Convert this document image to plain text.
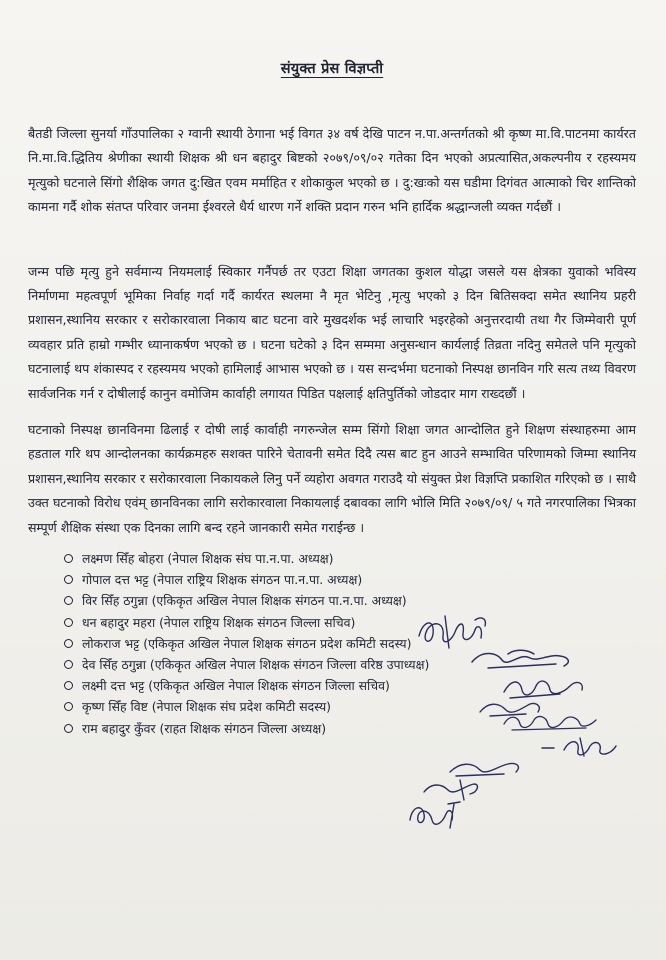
संयुक्त प्रेस विज्ञप्ती

बैतडी जिल्ला सुनर्या गाँउपालिका २ ग्वानी स्थायी ठेगाना भई विगत ३४ वर्ष देखि पाटन न.पा.अन्तर्गतको श्री कृष्ण मा.वि.पाटनमा कार्यरत नि.मा.वि.द्धितिय श्रेणीका स्थायी शिक्षक श्री धन बहादुर बिष्टको २०७९/०९/०२ गतेका दिन भएको अप्रत्यासित,अकल्पनीय र रहस्यमय मृत्युको घटनाले सिंगो शैक्षिक जगत दु:खित एवम मर्माहित र शोकाकुल भएको छ । दु:खःको यस घडीमा दिगंवत आत्माको चिर शान्तिको कामना गर्दै शोक संतप्त परिवार जनमा ईश्वरले धैर्य धारण गर्ने शक्ति प्रदान गरुन भनि हार्दिक श्रद्धान्जली व्यक्त गर्दछौं ।

जन्म पछि मृत्यु हुने सर्वमान्य नियमलाई स्विकार गर्नैपर्छ तर एउटा शिक्षा जगतका कुशल योद्धा जसले यस क्षेत्रका युवाको भविस्य निर्माणमा महत्वपूर्ण भूमिका निर्वाह गर्दा गर्दै कार्यरत स्थलमा नै मृत भेटिनु ,मृत्यु भएको ३ दिन बितिसक्दा समेत स्थानिय प्रहरी प्रशासन,स्थानिय सरकार र सरोकारवाला निकाय बाट घटना वारे मुखदर्शक भई लाचारि भइरहेको अनुत्तरदायी तथा गैर जिम्मेवारी पूर्ण व्यवहार प्रति हाम्रो गम्भीर ध्यानाकर्षण भएको छ । घटना घटेको ३ दिन सम्ममा अनुसन्धान कार्यलाई तिव्रता नदिनु समेतले पनि मृत्युको घटनालाई थप शंकास्पद र रहस्यमय भएको हामिलाई आभास भएको छ । यस सन्दर्भमा घटनाको निस्पक्ष छानविन गरि सत्य तथ्य विवरण सार्वजनिक गर्न र दोषीलाई कानुन वमोजिम कार्वाही लगायत पिडित पक्षलाई क्षतिपुर्तिको जोडदार माग राख्दछौं ।

घटनाको निस्पक्ष छानविनमा ढिलाई र दोषी लाई कार्वाही नगरुन्जेल सम्म सिंगो शिक्षा जगत आन्दोलित हुने शिक्षण संस्थाहरुमा आम हडताल गरि थप आन्दोलनका कार्यक्रमहरु सशक्त पारिने चेतावनी समेत दिदै त्यस बाट हुन आउने सम्भावित परिणामको जिम्मा स्थानिय प्रशासन,स्थानिय सरकार र सरोकारवाला निकायकले लिनु पर्ने व्यहोरा अवगत गराउदै यो संयुक्त प्रेश विज्ञप्ति प्रकाशित गरिएको छ । साथै उक्त घटनाको विरोध एवंम् छानविनका लागि सरोकारवाला निकायलाई दबावका लागि भोलि मिति २०७९/०९/ ५ गते नगरपालिका भित्रका सम्पूर्ण शैक्षिक संस्था एक दिनका लागि बन्द रहने जानकारी समेत गराईन्छ ।

लक्ष्मण सिँह बोहरा (नेपाल शिक्षक संघ पा.न.पा. अध्यक्ष)
गोपाल दत्त भट्ट (नेपाल राष्ट्रिय शिक्षक संगठन पा.न.पा. अध्यक्ष)
विर सिँह ठगुन्ना (एकिकृत अखिल नेपाल शिक्षक संगठन पा.न.पा. अध्यक्ष)
धन बहादुर महरा (नेपाल राष्ट्रिय शिक्षक संगठन जिल्ला सचिव)
लोकराज भट्ट (एकिकृत अखिल नेपाल शिक्षक संगठन प्रदेश कमिटी सदस्य)
देव सिँह ठगुन्ना (एकिकृत अखिल नेपाल शिक्षक संगठन जिल्ला वरिष्ठ उपाध्यक्ष)
लक्ष्मी दत्त भट्ट (एकिकृत अखिल नेपाल शिक्षक संगठन जिल्ला सचिव)
कृष्ण सिँह विष्ट (नेपाल शिक्षक संघ प्रदेश कमिटी सदस्य)
राम बहादुर कुँवर (राहत शिक्षक संगठन जिल्ला अध्यक्ष)
